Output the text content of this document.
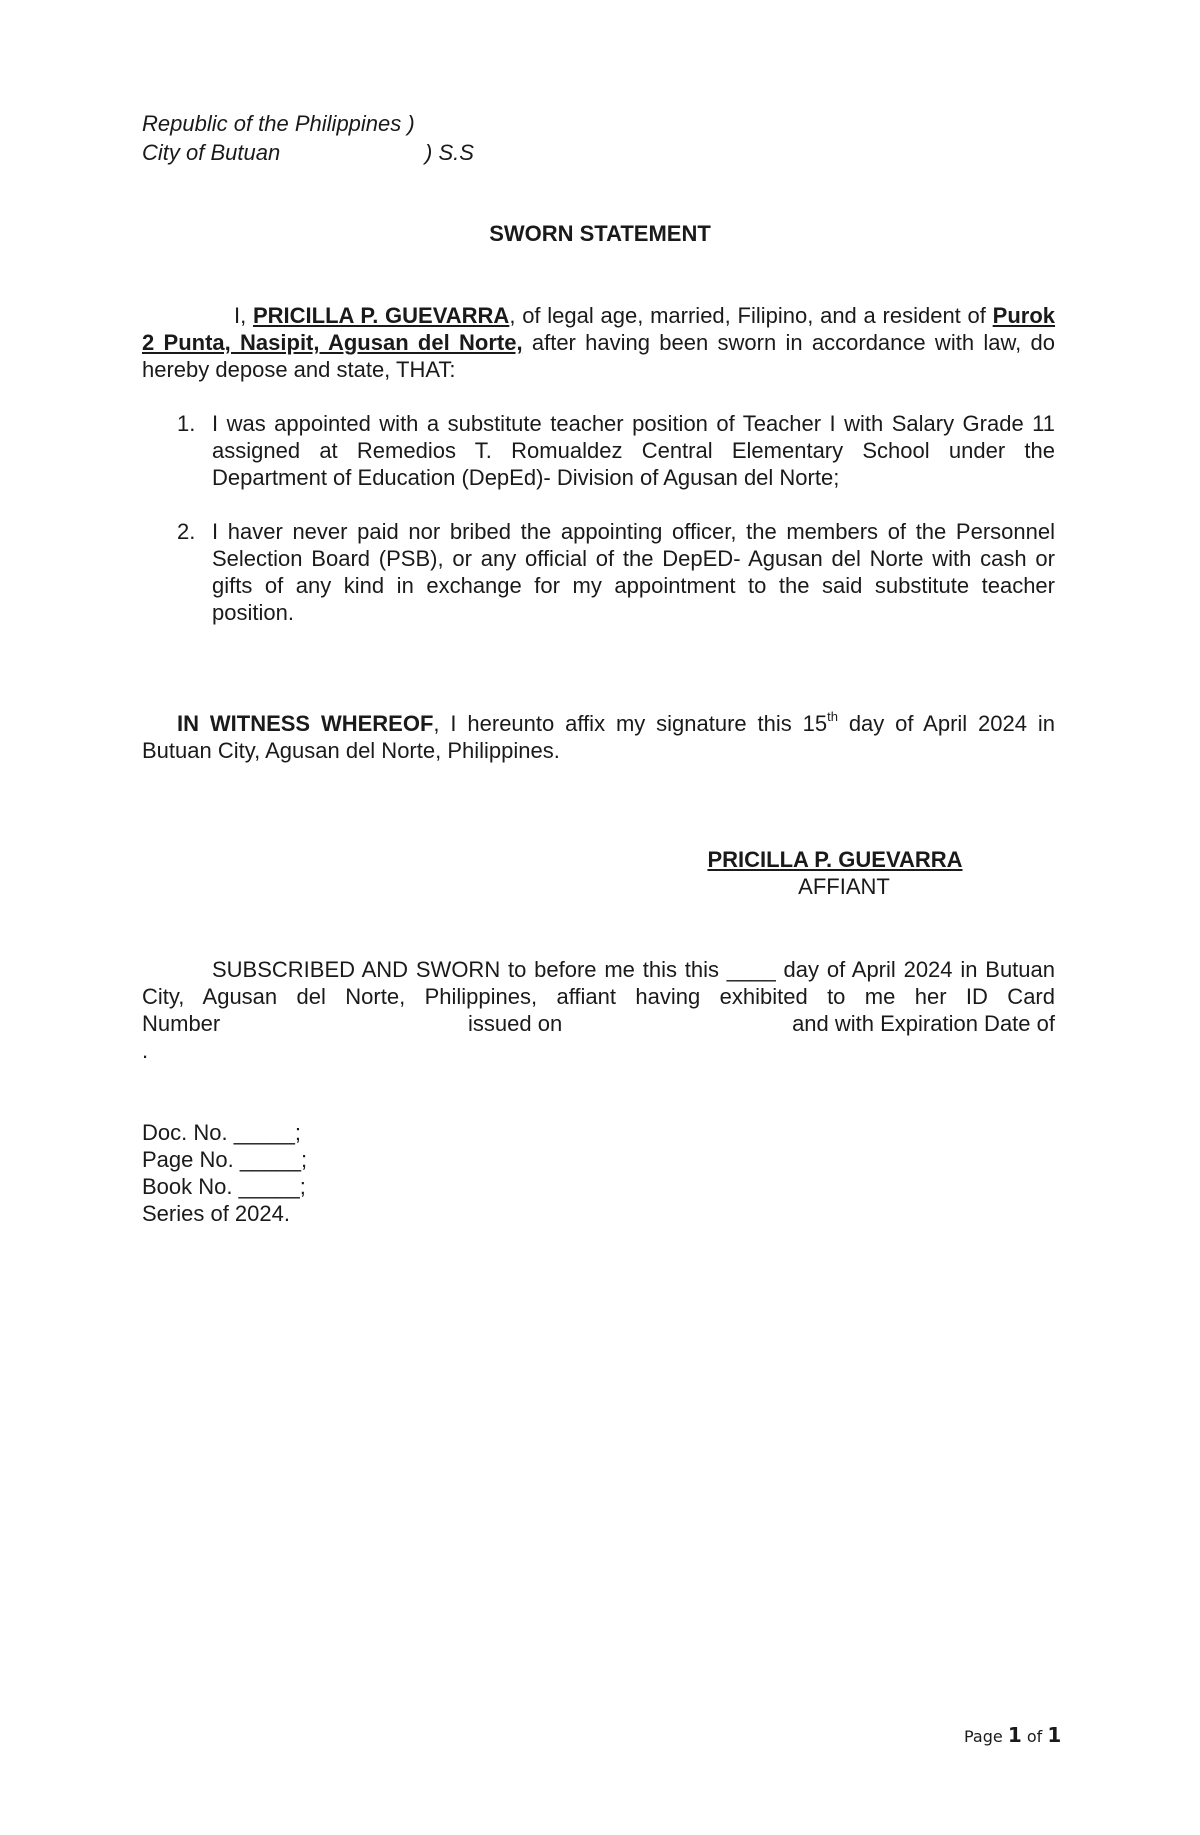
Republic of the Philippines )
City of Butuan	) S.S
SWORN STATEMENT
I, PRICILLA P. GUEVARRA, of legal age, married, Filipino, and a resident of Purok 2 Punta, Nasipit, Agusan del Norte, after having been sworn in accordance with law, do hereby depose and state, THAT:
1. I was appointed with a substitute teacher position of Teacher I with Salary Grade 11 assigned at Remedios T. Romualdez Central Elementary School under the Department of Education (DepEd)- Division of Agusan del Norte;
2. I haver never paid nor bribed the appointing officer, the members of the Personnel Selection Board (PSB), or any official of the DepED- Agusan del Norte with cash or gifts of any kind in exchange for my appointment to the said substitute teacher position.
IN WITNESS WHEREOF, I hereunto affix my signature this 15th day of April 2024 in Butuan City, Agusan del Norte, Philippines.
PRICILLA P. GUEVARRA
AFFIANT
SUBSCRIBED AND SWORN to before me this this ____ day of April 2024 in Butuan City, Agusan del Norte, Philippines, affiant having exhibited to me her ID Card
Number	issued on	and with Expiration Date of
.
Doc. No. _____;
Page No. _____;
Book No. _____;
Series of 2024.
Page 1 of 1
